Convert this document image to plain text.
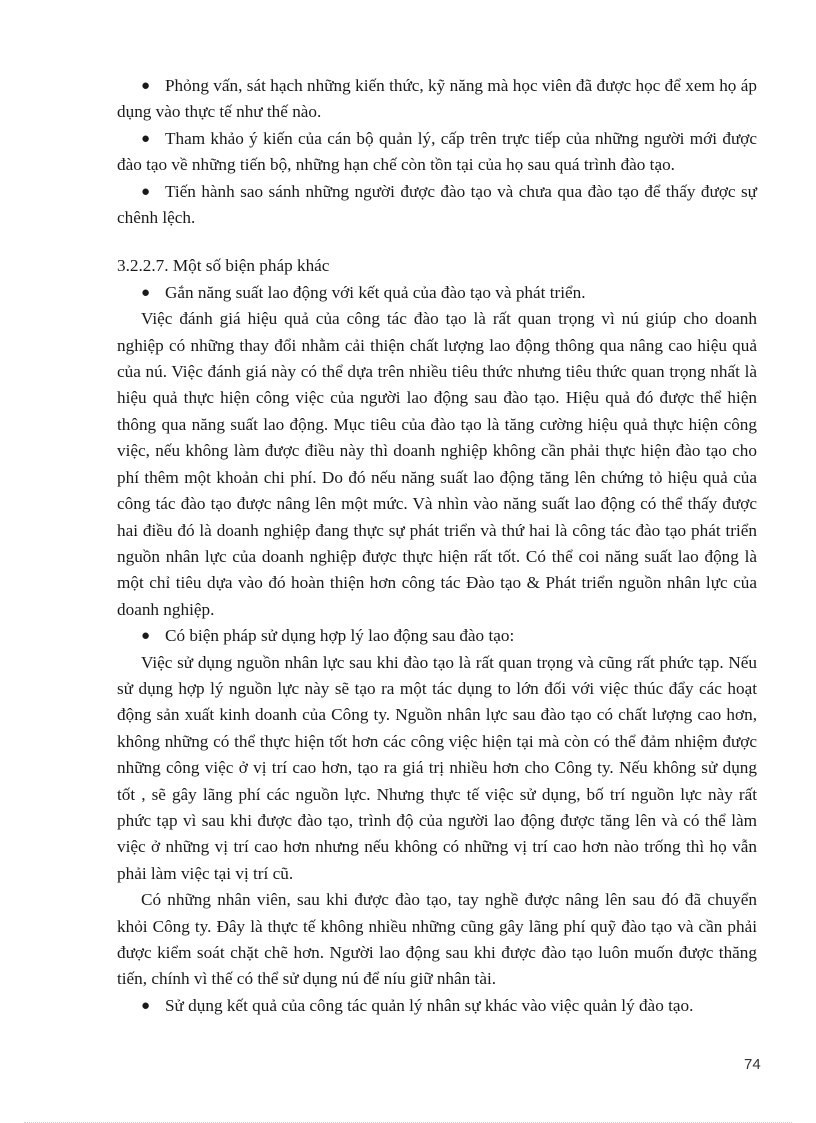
● Phỏng vấn, sát hạch những kiến thức, kỹ năng mà học viên đã được học để xem họ áp dụng vào thực tế như thế nào.

● Tham khảo ý kiến của cán bộ quản lý, cấp trên trực tiếp của những người mới được đào tạo về những tiến bộ, những hạn chế còn tồn tại của họ sau quá trình đào tạo.

● Tiến hành sao sánh những người được đào tạo và chưa qua đào tạo để thấy được sự chênh lệch.

3.2.2.7. Một số biện pháp khác

● Gắn năng suất lao động với kết quả của đào tạo và phát triển.

Việc đánh giá hiệu quả của công tác đào tạo là rất quan trọng vì nú giúp cho doanh nghiệp có những thay đổi nhằm cải thiện chất lượng lao động thông qua nâng cao hiệu quả của nú. Việc đánh giá này có thể dựa trên nhiều tiêu thức nhưng tiêu thức quan trọng nhất là hiệu quả thực hiện công việc của người lao động sau đào tạo. Hiệu quả đó được thể hiện thông qua năng suất lao động. Mục tiêu của đào tạo là tăng cường hiệu quả thực hiện công việc, nếu không làm được điều này thì doanh nghiệp không cần phải thực hiện đào tạo cho phí thêm một khoản chi phí. Do đó nếu năng suất lao động tăng lên chứng tỏ hiệu quả của công tác đào tạo được nâng lên một mức. Và nhìn vào năng suất lao động có thể thấy được hai điều đó là doanh nghiệp đang thực sự phát triển và thứ hai là công tác đào tạo phát triển nguồn nhân lực của doanh nghiệp được thực hiện rất tốt. Có thể coi năng suất lao động là một chỉ tiêu dựa vào đó hoàn thiện hơn công tác Đào tạo & Phát triển nguồn nhân lực của doanh nghiệp.

● Có biện pháp sử dụng hợp lý lao động sau đào tạo:

Việc sử dụng nguồn nhân lực sau khi đào tạo là rất quan trọng và cũng rất phức tạp. Nếu sử dụng hợp lý nguồn lực này sẽ tạo ra một tác dụng to lớn đối với việc thúc đẩy các hoạt động sản xuất kinh doanh của Công ty. Nguồn nhân lực sau đào tạo có chất lượng cao hơn, không những có thể thực hiện tốt hơn các công việc hiện tại mà còn có thể đảm nhiệm được những công việc ở vị trí cao hơn, tạo ra giá trị nhiều hơn cho Công ty. Nếu không sử dụng tốt , sẽ gây lãng phí các nguồn lực. Nhưng thực tế việc sử dụng, bố trí nguồn lực này rất phức tạp vì sau khi được đào tạo, trình độ của người lao động được tăng lên và có thể làm việc ở những vị trí cao hơn nhưng nếu không có những vị trí cao hơn nào trống thì họ vẫn phải làm việc tại vị trí cũ.

Có những nhân viên, sau khi được đào tạo, tay nghề được nâng lên sau đó đã chuyển khỏi Công ty. Đây là thực tế không nhiều những cũng gây lãng phí quỹ đào tạo và cần phải được kiểm soát chặt chẽ hơn. Người lao động sau khi được đào tạo luôn muốn được thăng tiến, chính vì thế có thể sử dụng nú để níu giữ nhân tài.

● Sử dụng kết quả của công tác quản lý nhân sự khác vào việc quản lý đào tạo.

74
